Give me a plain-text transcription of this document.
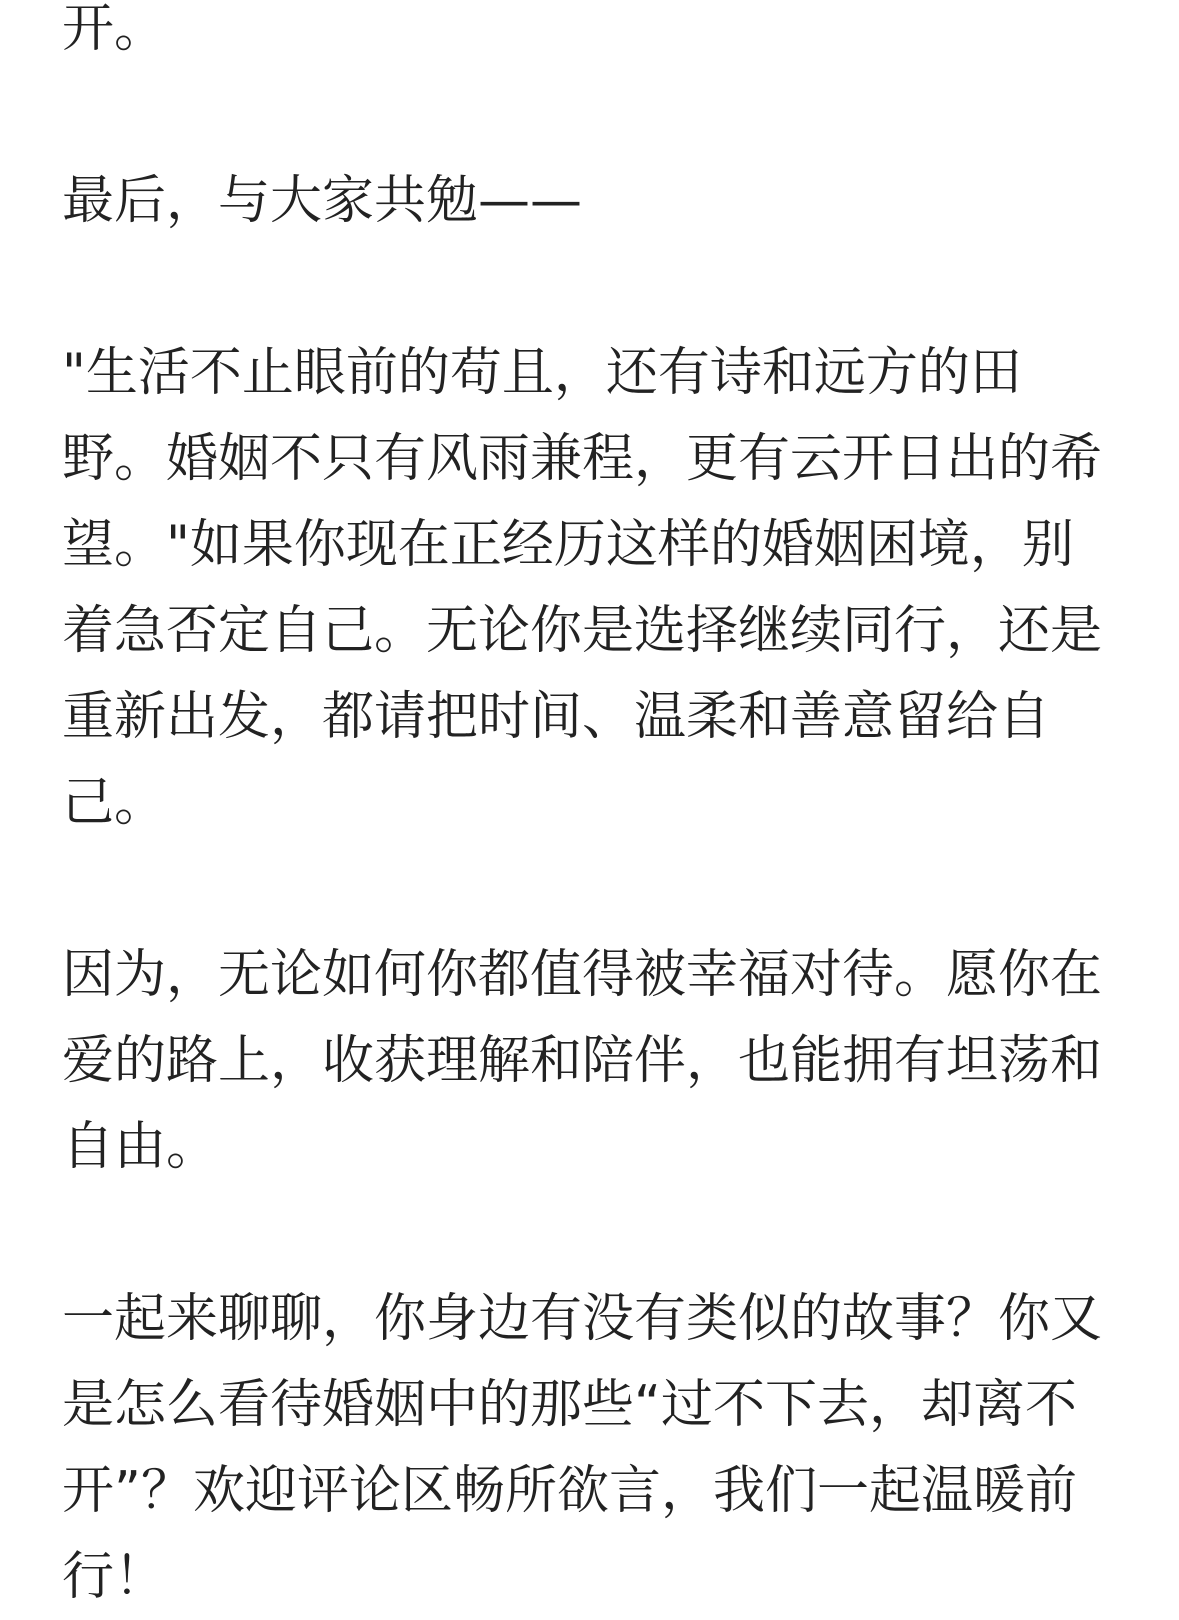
开。

最后，与大家共勉——

"生活不止眼前的苟且，还有诗和远方的田野。婚姻不只有风雨兼程，更有云开日出的希望。"如果你现在正经历这样的婚姻困境，别着急否定自己。无论你是选择继续同行，还是重新出发，都请把时间、温柔和善意留给自己。

因为，无论如何你都值得被幸福对待。愿你在爱的路上，收获理解和陪伴，也能拥有坦荡和自由。

一起来聊聊，你身边有没有类似的故事？你又是怎么看待婚姻中的那些“过不下去，却离不开”？欢迎评论区畅所欲言，我们一起温暖前行！
